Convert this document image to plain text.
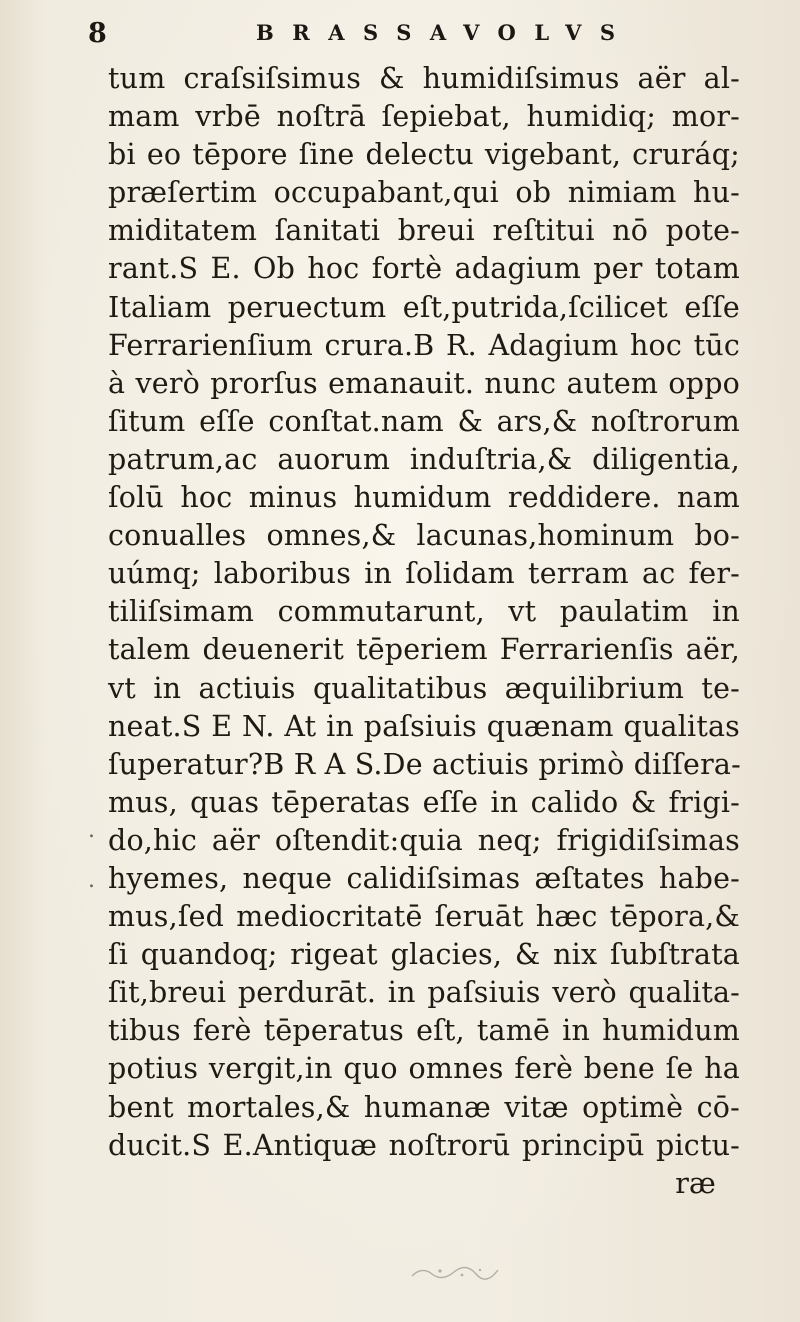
8	BRASSAVOLVS
tum craſsiſsimus & humidiſsimus aër al-
mam vrbē noſtrā ſepiebat, humidiq; mor-
bi eo tēpore ſine delectu vigebant, cruráq;
præſertim occupabant,qui ob nimiam hu-
miditatem ſanitati breui reſtitui nō pote-
rant.S E. Ob hoc fortè adagium per totam
Italiam peruectum eſt,putrida,ſcilicet eſſe
Ferrarienſium crura.B R. Adagium hoc tūc
à verò prorſus emanauit. nunc autem oppo
ſitum eſſe conſtat.nam & ars,& noſtrorum
patrum,ac auorum induſtria,& diligentia,
ſolū hoc minus humidum reddidere. nam
conualles omnes,& lacunas,hominum bo-
uúmq; laboribus in ſolidam terram ac fer-
tiliſsimam commutarunt, vt paulatim in
talem deuenerit tēperiem Ferrarienſis aër,
vt in actiuis qualitatibus æquilibrium te-
neat.S E N. At in paſsiuis quænam qualitas
ſuperatur?B R A S.De actiuis primò diſſera-
mus, quas tēperatas eſſe in calido & frigi-
do,hic aër oſtendit:quia neq; frigidiſsimas
hyemes, neque calidiſsimas æſtates habe-
mus,ſed mediocritatē ſeruāt hæc tēpora,&
ſi quandoq; rigeat glacies, & nix ſubſtrata
ſit,breui perdurāt. in paſsiuis verò qualita-
tibus ferè tēperatus eſt, tamē in humidum
potius vergit,in quo omnes ferè bene ſe ha
bent mortales,& humanæ vitæ optimè cō-
ducit.S E.Antiquæ noſtrorū principū pictu-
ræ
.
.
